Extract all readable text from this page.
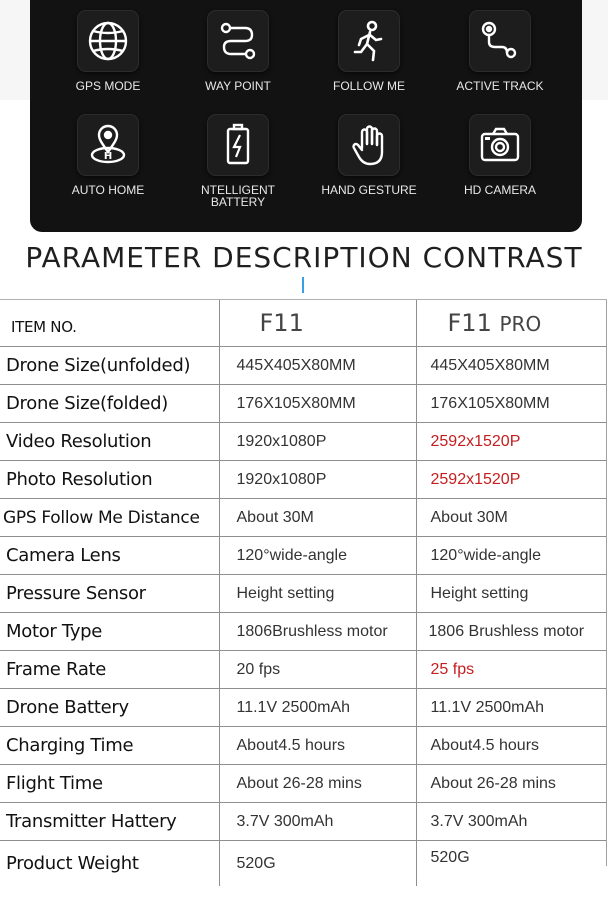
GPS MODE	WAY POINT	FOLLOW ME	ACTIVE TRACK
H
AUTO HOME	NTELLIGENT
BATTERY
HAND GESTURE	HD CAMERA
PARAMETER DESCRIPTION CONTRAST
ITEM NO.	F11	F11 PRO
Drone Size(unfolded)	445X405X80MM	445X405X80MM
Drone Size(folded)	176X105X80MM	176X105X80MM
Video Resolution	1920x1080P	2592x1520P
Photo Resolution	1920x1080P	2592x1520P
GPS Follow Me Distance	About 30M	About 30M
Camera Lens	120°wide-angle	120°wide-angle
Pressure Sensor	Height setting	Height setting
Motor Type	1806Brushless motor	1806 Brushless motor
Frame Rate	20 fps	25 fps
Drone Battery	11.1V 2500mAh	11.1V 2500mAh
Charging Time	About4.5 hours	About4.5 hours
Flight Time	About 26-28 mins	About 26-28 mins
Transmitter Hattery	3.7V 300mAh	3.7V 300mAh
Product Weight	520G	520G
